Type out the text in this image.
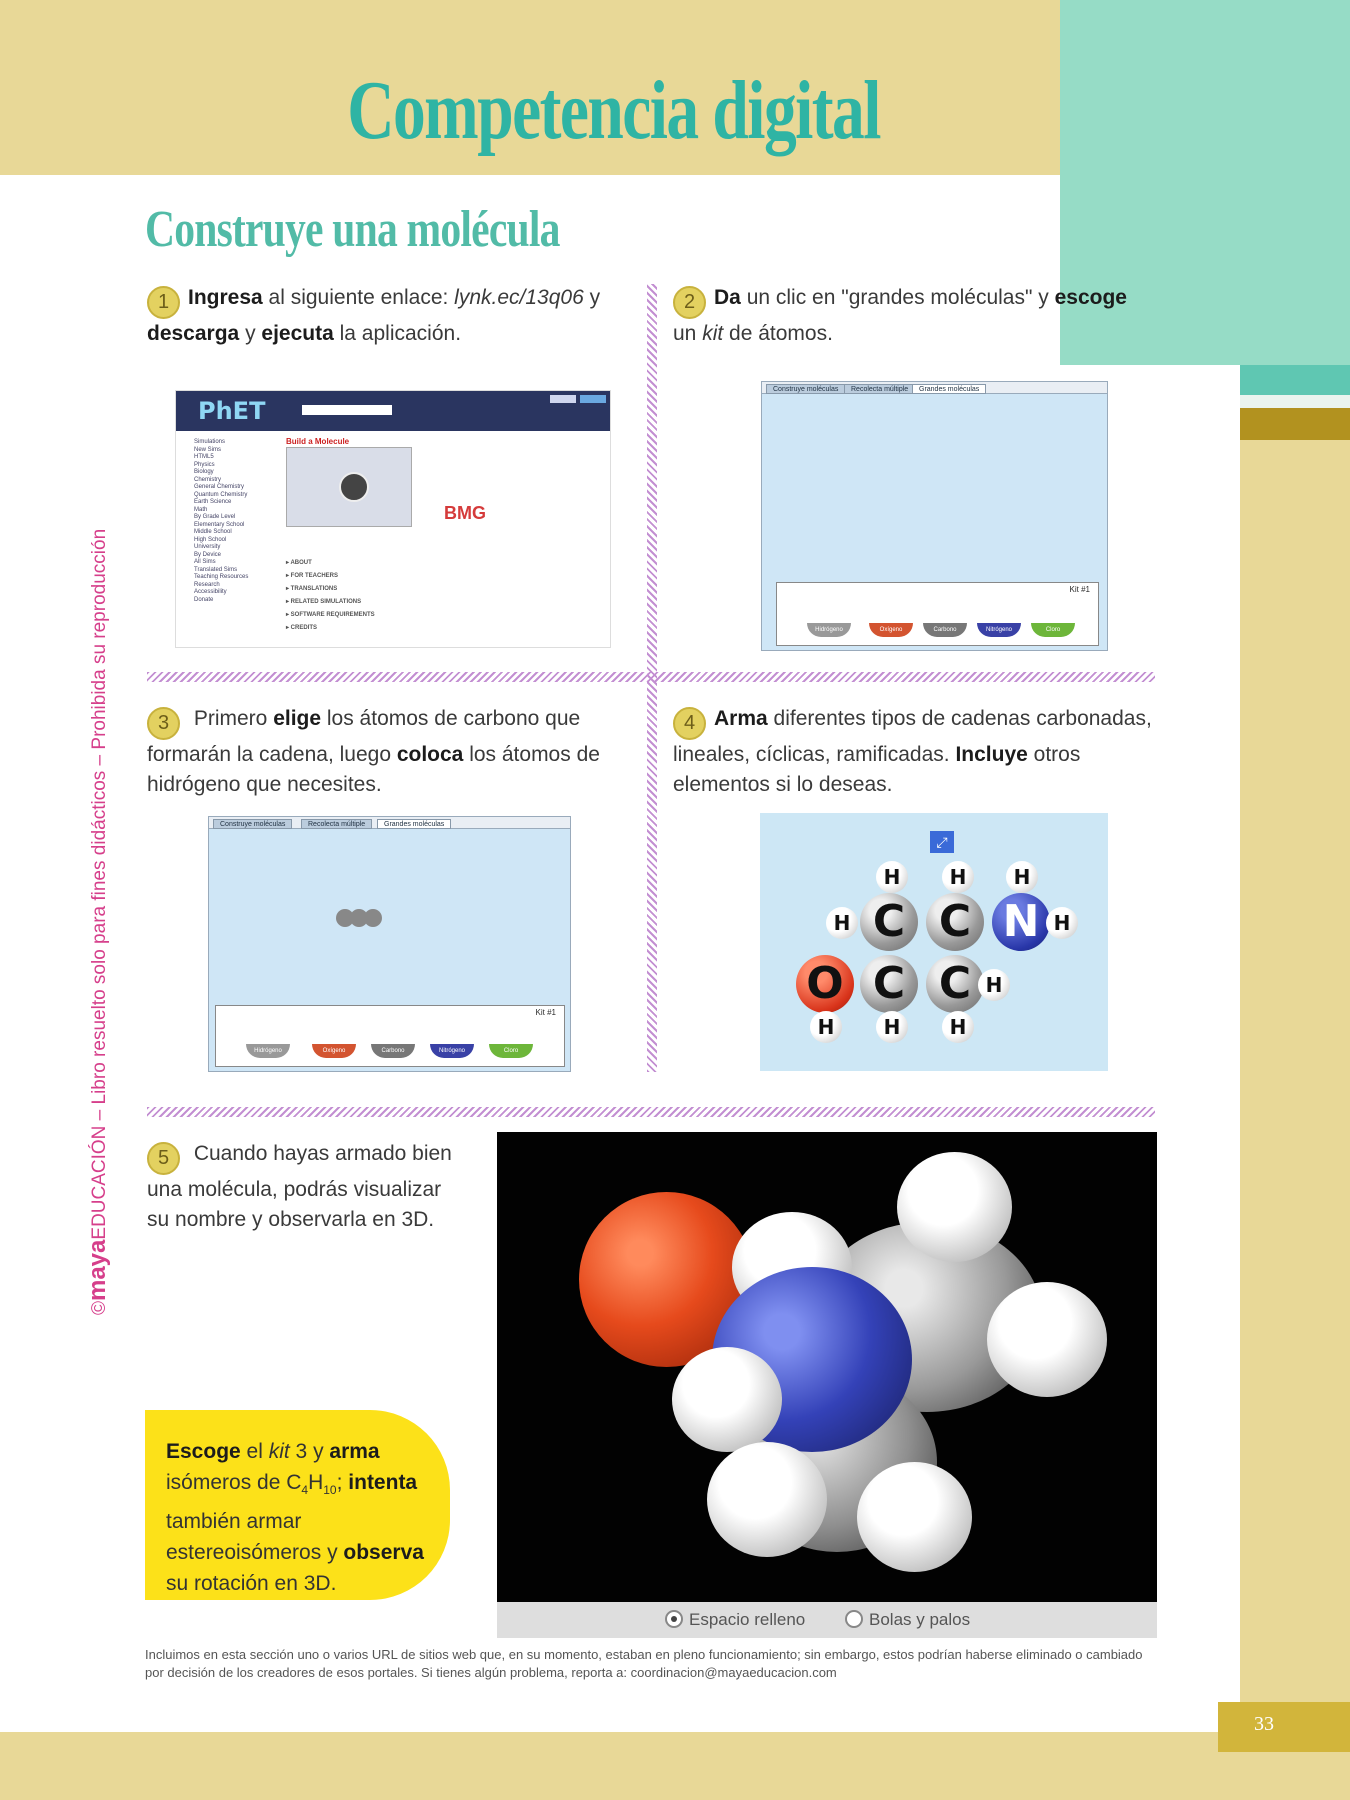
33
Competencia digital
Construye una molécula
©mayaEDUCACIÓN – Libro resuelto solo para fines didácticos – Prohibida su reproducción
1 Ingresa al siguiente enlace: lynk.ec/13q06 y descarga y ejecuta la aplicación.
2 Da un clic en "grandes moléculas" y escoge un kit de átomos.
3 Primero elige los átomos de carbono que formarán la cadena, luego coloca los átomos de hidrógeno que necesites.
4 Arma diferentes tipos de cadenas carbonadas, lineales, cíclicas, ramificadas. Incluye otros elementos si lo deseas.
5 Cuando hayas armado bien una molécula, podrás visualizar su nombre y observarla en 3D.
PhET
Simulations
New Sims
HTML5
Physics
Biology
Chemistry
General Chemistry
Quantum Chemistry
Earth Science
Math
By Grade Level
Elementary School
Middle School
High School
University
By Device
All Sims
Translated Sims
Teaching Resources
Research
Accessibility
Donate
Build a Molecule
BMG
▸ ABOUT
▸ FOR TEACHERS
▸ TRANSLATIONS
▸ RELATED SIMULATIONS
▸ SOFTWARE REQUIREMENTS
▸ CREDITS
Construye moléculas	Recolecta múltiple	Grandes moléculas
Kit #1
Hidrógeno	Oxígeno	Carbono	Nitrógeno	Cloro
Construye moléculas	Recolecta múltiple	Grandes moléculas
Kit #1
Hidrógeno	Oxígeno	Carbono	Nitrógeno	Cloro
⤢
H	H	H
H C C N H
O C C H
H	H	H
Espacio relleno	Bolas y palos
Escoge el kit 3 y arma isómeros de $C_4H_{10}$; intenta también armar estereoisómeros y observa su rotación en 3D.

Incluimos en esta sección uno o varios URL de sitios web que, en su momento, estaban en pleno funcionamiento; sin embargo, estos podrían haberse eliminado o cambiado por decisión de los creadores de esos portales. Si tienes algún problema, reporta a: coordinacion@mayaeducacion.com
